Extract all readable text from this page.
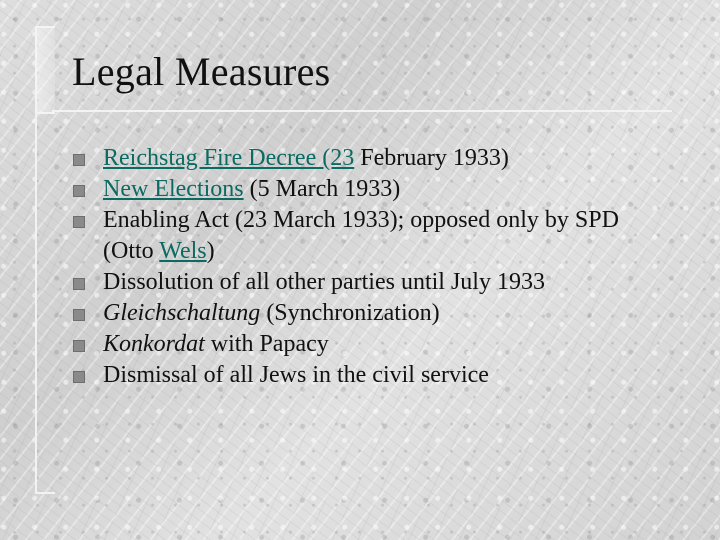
Legal Measures
Reichstag Fire Decree (23 February 1933)
New Elections (5 March 1933)
Enabling Act (23 March 1933); opposed only by SPD (Otto Wels)
Dissolution of all other parties until July 1933
Gleichschaltung (Synchronization)
Konkordat with Papacy
Dismissal of all Jews in the civil service
